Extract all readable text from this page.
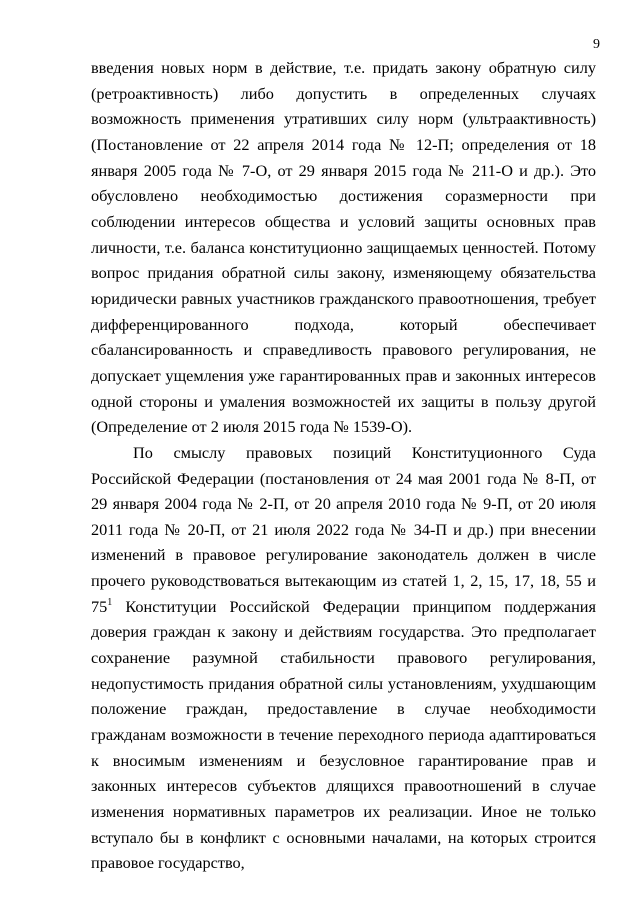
9

введения новых норм в действие, т.е. придать закону обратную силу (ретроактивность) либо допустить в определенных случаях возможность применения утративших силу норм (ультраактивность) (Постановление от 22 апреля 2014 года № 12-П; определения от 18 января 2005 года № 7-О, от 29 января 2015 года № 211-О и др.). Это обусловлено необходимостью достижения соразмерности при соблюдении интересов общества и условий защиты основных прав личности, т.е. баланса конституционно защищаемых ценностей. Потому вопрос придания обратной силы закону, изменяющему обязательства юридически равных участников гражданского правоотношения, требует дифференцированного подхода, который обеспечивает сбалансированность и справедливость правового регулирования, не допускает ущемления уже гарантированных прав и законных интересов одной стороны и умаления возможностей их защиты в пользу другой (Определение от 2 июля 2015 года № 1539-О).

По смыслу правовых позиций Конституционного Суда Российской Федерации (постановления от 24 мая 2001 года № 8-П, от 29 января 2004 года № 2-П, от 20 апреля 2010 года № 9-П, от 20 июля 2011 года № 20-П, от 21 июля 2022 года № 34-П и др.) при внесении изменений в правовое регулирование законодатель должен в числе прочего руководствоваться вытекающим из статей 1, 2, 15, 17, 18, 55 и $75^1$ Конституции Российской Федерации принципом поддержания доверия граждан к закону и действиям государства. Это предполагает сохранение разумной стабильности правового регулирования, недопустимость придания обратной силы установлениям, ухудшающим положение граждан, предоставление в случае необходимости гражданам возможности в течение переходного периода адаптироваться к вносимым изменениям и безусловное гарантирование прав и законных интересов субъектов длящихся правоотношений в случае изменения нормативных параметров их реализации. Иное не только вступало бы в конфликт с основными началами, на которых строится правовое государство,
